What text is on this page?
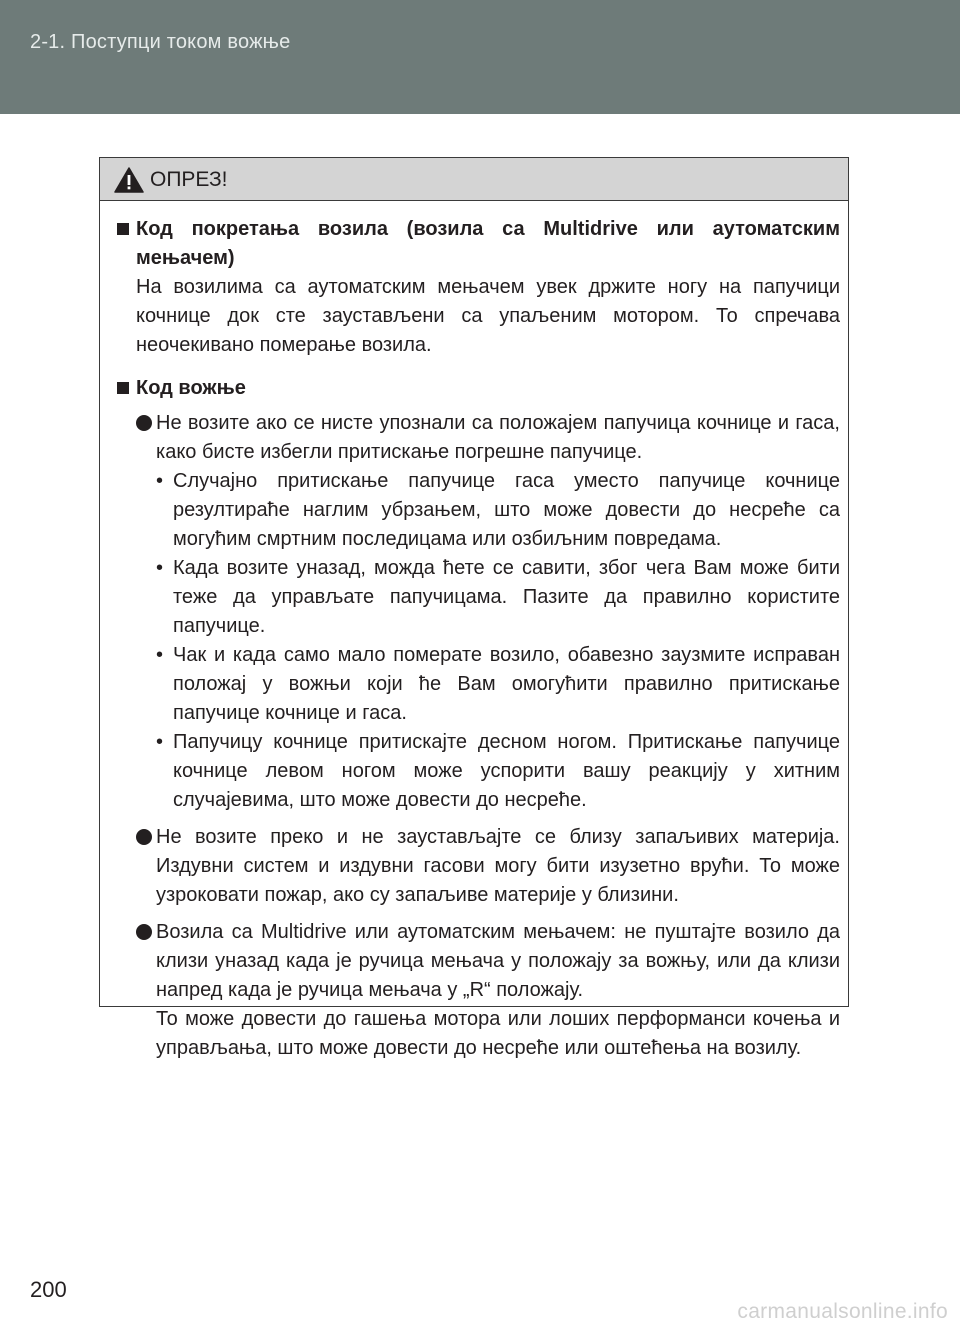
2-1. Поступци током вожње
ОПРЕЗ!
Код покретања возила (возила са Multidrive или аутоматским мењачем)
На возилима са аутоматским мењачем увек држите ногу на папучици кочнице док сте заустављени са упаљеним мотором. То спречава неочекивано померање возила.
Код вожње
Не возите ако се нисте упознали са положајем папучица кочнице и гаса, како бисте избегли притискање погрешне папучице.
• Случајно притискање папучице гаса уместо папучице кочнице резултираће наглим убрзањем, што може довести до несреће са могућим смртним последицама или озбиљним повредама.
• Када возите уназад, можда ћете се савити, због чега Вам може бити теже да управљате папучицама. Пазите да правилно користите папучице.
• Чак и када само мало померате возило, обавезно заузмите исправан положај у вожњи који ће Вам омогућити правилно притискање папучице кочнице и гаса.
• Папучицу кочнице притискајте десном ногом. Притискање папучице кочнице левом ногом може успорити вашу реакцију у хитним случајевима, што може довести до несреће.
Не возите преко и не заустављајте се близу запаљивих материја. Издувни систем и издувни гасови могу бити изузетно врући. То може узроковати пожар, ако су запаљиве материје у близини.
Возила са Multidrive или аутоматским мењачем: не пуштајте возило да клизи уназад када је ручица мењача у положају за вожњу, или да клизи напред када је ручица мењача у „R“ положају.
То може довести до гашења мотора или лоших перформанси кочења и управљања, што може довести до несреће или оштећења на возилу.
200
carmanualsonline.info
